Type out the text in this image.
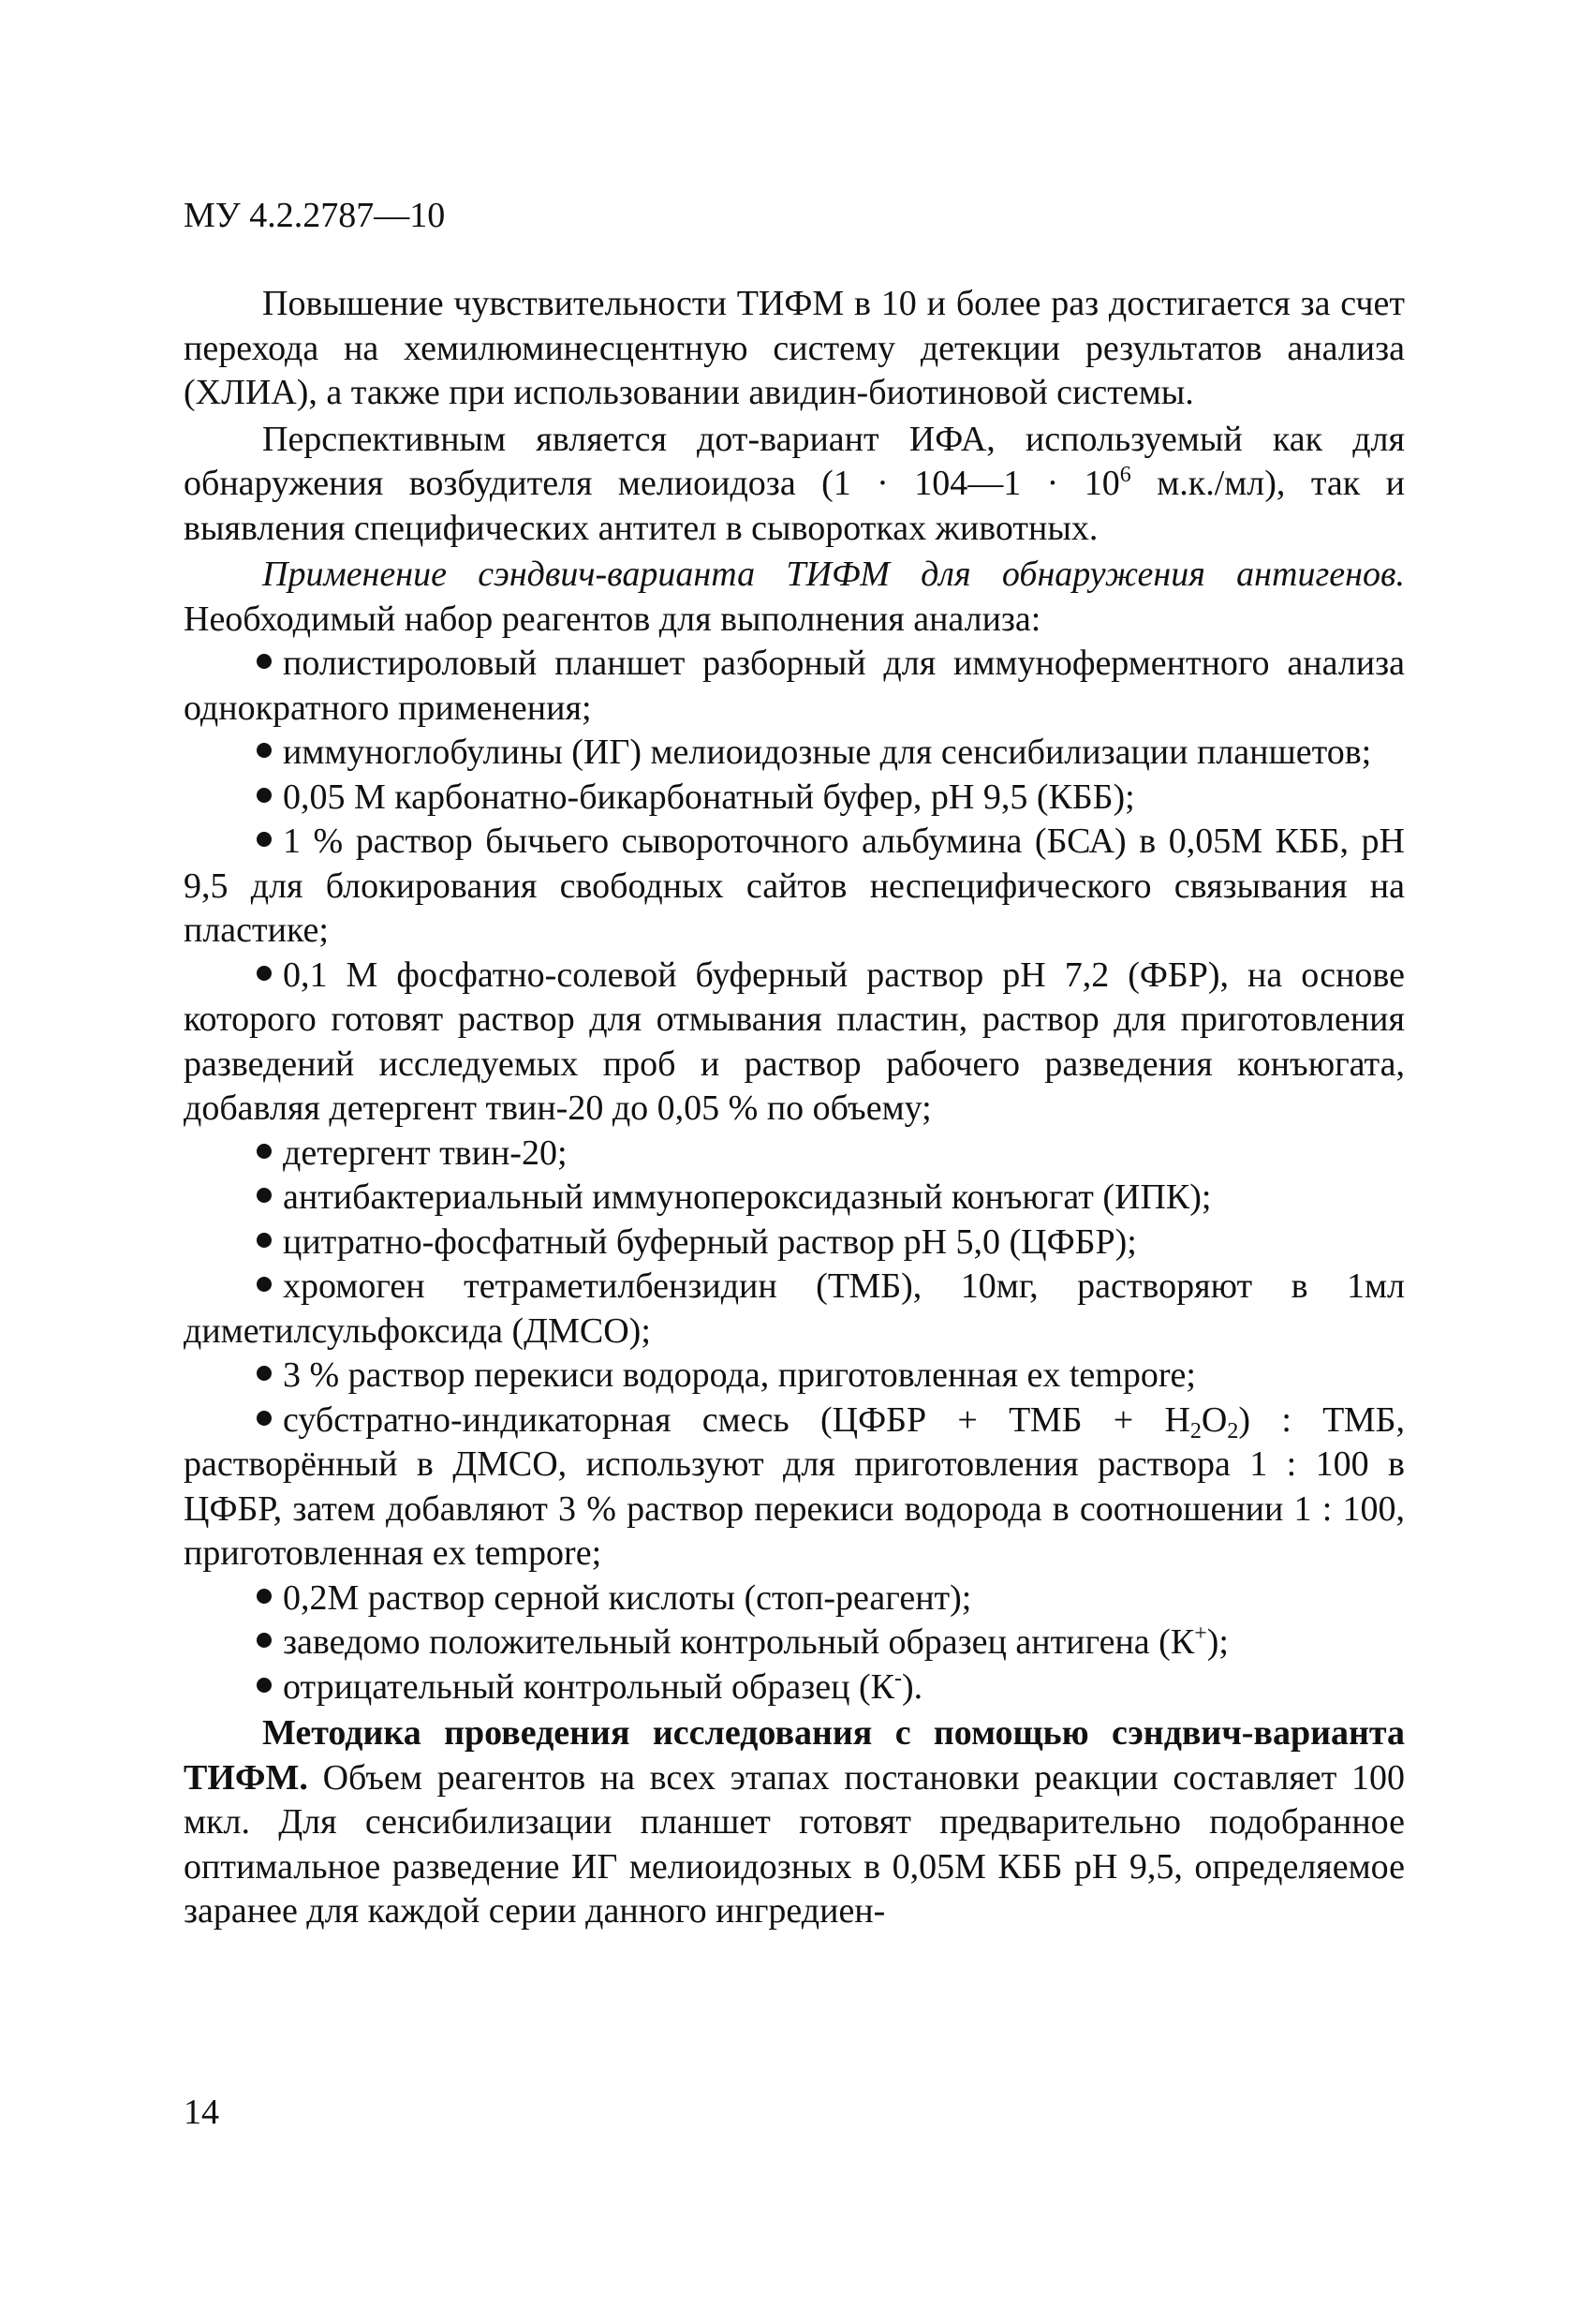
МУ 4.2.2787—10

Повышение чувствительности ТИФМ в 10 и более раз достигается за счет перехода на хемилюминесцентную систему детекции результатов анализа (ХЛИА), а также при использовании авидин-биотиновой системы.

Перспективным является дот-вариант ИФА, используемый как для обнаружения возбудителя мелиоидоза (1 · 104—1 · $10^6$ м.к./мл), так и выявления специфических антител в сыворотках животных.

Применение сэндвич-варианта ТИФМ для обнаружения антигенов. Необходимый набор реагентов для выполнения анализа:

полистироловый планшет разборный для иммуноферментного анализа однократного применения;
иммуноглобулины (ИГ) мелиоидозные для сенсибилизации планшетов;
0,05 М карбонатно-бикарбонатный буфер, рН 9,5 (КББ);
1 % раствор бычьего сывороточного альбумина (БСА) в 0,05М КББ, рН 9,5 для блокирования свободных сайтов неспецифического связывания на пластике;
0,1 М фосфатно-солевой буферный раствор рН 7,2 (ФБР), на основе которого готовят раствор для отмывания пластин, раствор для приготовления разведений исследуемых проб и раствор рабочего разведения конъюгата, добавляя детергент твин-20 до 0,05 % по объему;
детергент твин-20;
антибактериальный иммунопероксидазный конъюгат (ИПК);
цитратно-фосфатный буферный раствор рН 5,0 (ЦФБР);
хромоген тетраметилбензидин (ТМБ), 10мг, растворяют в 1мл диметилсульфоксида (ДМСО);
3 % раствор перекиси водорода, приготовленная ex tempore;
субстратно-индикаторная смесь (ЦФБР + ТМБ + $Н_2О_2$) : ТМБ, растворённый в ДМСО, используют для приготовления раствора 1 : 100 в ЦФБР, затем добавляют 3 % раствор перекиси водорода в соотношении 1 : 100, приготовленная ex tempore;
0,2М раствор серной кислоты (стоп-реагент);
заведомо положительный контрольный образец антигена (К+);
отрицательный контрольный образец (К-).

Методика проведения исследования с помощью сэндвич-варианта ТИФМ. Объем реагентов на всех этапах постановки реакции составляет 100 мкл. Для сенсибилизации планшет готовят предварительно подобранное оптимальное разведение ИГ мелиоидозных в 0,05М КББ рН 9,5, определяемое заранее для каждой серии данного ингредиен-

14
